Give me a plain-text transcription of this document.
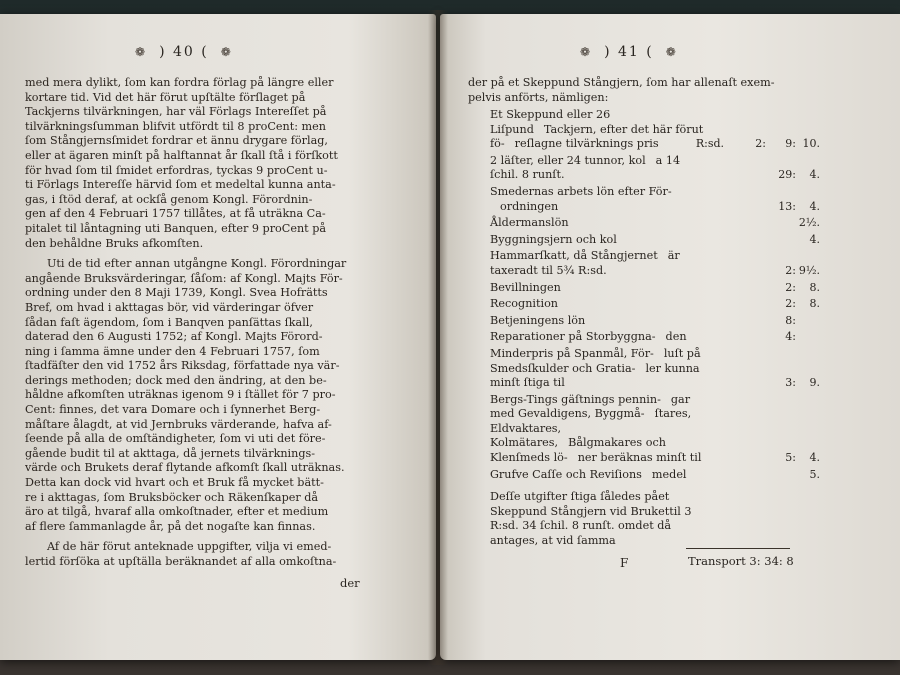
❁ ) 40 ( ❁

med mera dylikt, ſom kan fordra förlag på längre eller
kortare tid. Vid det här förut upſtälte förſlaget på
Tackjerns tilvärkningen, har väl Förlags Intereſſet på
tilvärkningsſumman blifvit utfördt til 8 proCent: men
ſom Stångjernsſmidet fordrar et ännu drygare förlag,
eller at ägaren minſt på halftannat år ſkall ſtå i förſkott
för hvad ſom til ſmidet erfordras, tyckas 9 proCent u-
ti Förlags Intereſſe härvid ſom et medeltal kunna anta-
gas, i ſtöd deraf, at ockſå genom Kongl. Förordnin-
gen af den 4 Februari 1757 tillåtes, at få uträkna Ca-
pitalet til låntagning uti Banquen, efter 9 proCent på
den behåldne Bruks afkomſten.

Uti de tid efter annan utgångne Kongl. Förordningar
angående Bruksvärderingar, ſåſom: af Kongl. Majts För-
ordning under den 8 Maji 1739, Kongl. Svea Hofrätts
Bref, om hvad i akttagas bör, vid värderingar öfver
ſådan faſt ägendom, ſom i Banqven panſättas ſkall,
daterad den 6 Augusti 1752; af Kongl. Majts Förord-
ning i ſamma ämne under den 4 Februari 1757, ſom
ſtadfäſter den vid 1752 års Riksdag, författade nya vär-
derings methoden; dock med den ändring, at den be-
håldne afkomſten uträknas igenom 9 i ſtället för 7 pro-
Cent: finnes, det vara Domare och i ſynnerhet Berg-
måſtare ålagdt, at vid Jernbruks värderande, hafva af-
ſeende på alla de omſtändigheter, ſom vi uti det före-
gående budit til at akttaga, då jernets tilvärknings-
värde och Brukets deraf flytande afkomſt ſkall uträknas.
Detta kan dock vid hvart och et Bruk få mycket bätt-
re i akttagas, ſom Bruksböcker och Räkenſkaper då
äro at tilgå, hvaraf alla omkoſtnader, efter et medium
af flere ſammanlagde år, på det nogaſte kan finnas.

Af de här förut anteknade uppgifter, vilja vi emed-
lertid förſöka at upſtälla beräknandet af alla omkoſtna-

der
❁ ) 41 ( ❁
der på et Skeppund Stångjern, ſom har allenaſt exem-pelvis anförts, nämligen:
Et Skeppund eller 26 Liſpund Tackjern, efter det här förut fö- reſlagne tilvärknings pris	R:sd.	2:	9: 10.
2 läſter, eller 24 tunnor, kol a 14 ſchil. 8 runſt.	29:	4.
Smedernas arbets lön efter För-ordningen	13:	4.
Åldermanslön	2½.
Byggningsjern och kol	4.
Hammarſkatt, då Stångjernet är taxeradt til 5¾ R:sd.	2: 9½.
Bevillningen	2:	8.
Recognition	2:	8.
Betjeningens lön	8:
Reparationer på Storbyggna- den	4:
Minderpris på Spanmål, För- luſt på Smedsſkulder och Gratia- ler kunna minſt ſtiga til	3:	9.
Bergs-Tings gäſtnings pennin- gar med Gevaldigens, Byggmå- ſtares, Eldvaktares, Kolmätares, Bålgmakares och Klenſmeds lö- ner beräknas minſt til	5:	4.
Grufve Caſſe och Reviſions medel	5.
Deſſe utgifter ſtiga ſåledes pået Skeppund Stångjern vid Brukettil 3 R:sd. 34 ſchil. 8 runſt. omdet då antages, at vid ſamma
F	Transport 3: 34: 8
